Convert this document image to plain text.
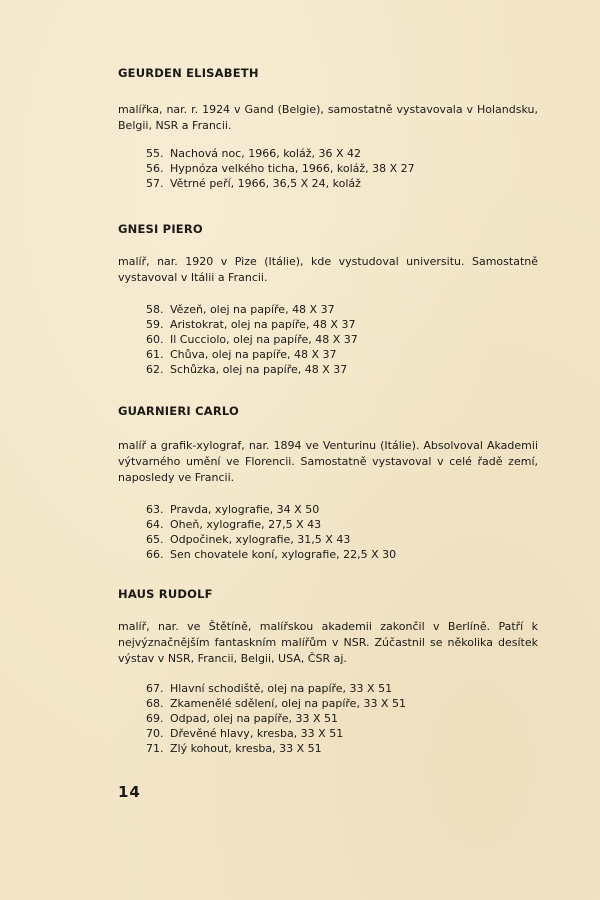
GEURDEN ELISABETH

malířka, nar. r. 1924 v Gand (Belgie), samostatně vystavovala v Holandsku, Belgii, NSR a Francii.

55. Nachová noc, 1966, koláž, 36 X 42
56. Hypnóza velkého ticha, 1966, koláž, 38 X 27
57. Větrné peří, 1966, 36,5 X 24, koláž
GNESI PIERO

malíř, nar. 1920 v Pize (Itálie), kde vystudoval universitu. Samostatně vystavoval v Itálii a Francii.

58. Vězeň, olej na papíře, 48 X 37
59. Aristokrat, olej na papíře, 48 X 37
60. Il Cucciolo, olej na papíře, 48 X 37
61. Chůva, olej na papíře, 48 X 37
62. Schůzka, olej na papíře, 48 X 37
GUARNIERI CARLO

malíř a grafik-xylograf, nar. 1894 ve Venturinu (Itálie). Absolvoval Akademii výtvarného umění ve Florencii. Samostatně vystavoval v celé řadě zemí, naposledy ve Francii.

63. Pravda, xylografie, 34 X 50
64. Oheň, xylografie, 27,5 X 43
65. Odpočinek, xylografie, 31,5 X 43
66. Sen chovatele koní, xylografie, 22,5 X 30
HAUS RUDOLF

malíř, nar. ve Štětíně, malířskou akademii zakončil v Berlíně. Patří k nejvýznačnějším fantaskním malířům v NSR. Zúčastnil se několika desítek výstav v NSR, Francii, Belgii, USA, ČSR aj.

67. Hlavní schodiště, olej na papíře, 33 X 51
68. Zkamenělé sdělení, olej na papíře, 33 X 51
69. Odpad, olej na papíře, 33 X 51
70. Dřevěné hlavy, kresba, 33 X 51
71. Zlý kohout, kresba, 33 X 51
14
